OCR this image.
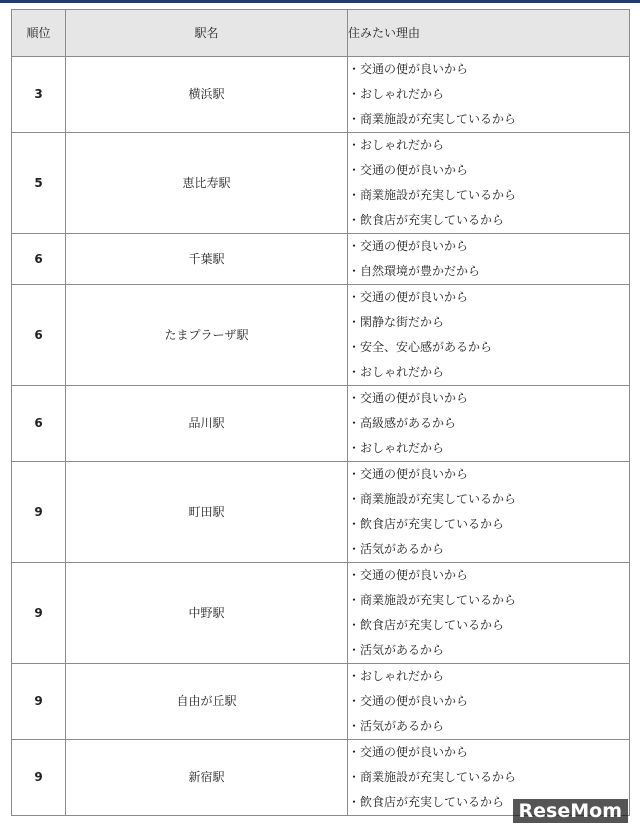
順位	駅名	住みたい理由
3	横浜駅	・交通の便が良いから
・おしゃれだから
・商業施設が充実しているから

5	恵比寿駅	・おしゃれだから
・交通の便が良いから
・商業施設が充実しているから
・飲食店が充実しているから

6	千葉駅	・交通の便が良いから
・自然環境が豊かだから

6	たまプラーザ駅	・交通の便が良いから
・閑静な街だから
・安全、安心感があるから
・おしゃれだから

6	品川駅	・交通の便が良いから
・高級感があるから
・おしゃれだから

9	町田駅	・交通の便が良いから
・商業施設が充実しているから
・飲食店が充実しているから
・活気があるから

9	中野駅	・交通の便が良いから
・商業施設が充実しているから
・飲食店が充実しているから
・活気があるから

9	自由が丘駅	・おしゃれだから
・交通の便が良いから
・活気があるから

9	新宿駅	・交通の便が良いから
・商業施設が充実しているから
・飲食店が充実しているから ReseMom
